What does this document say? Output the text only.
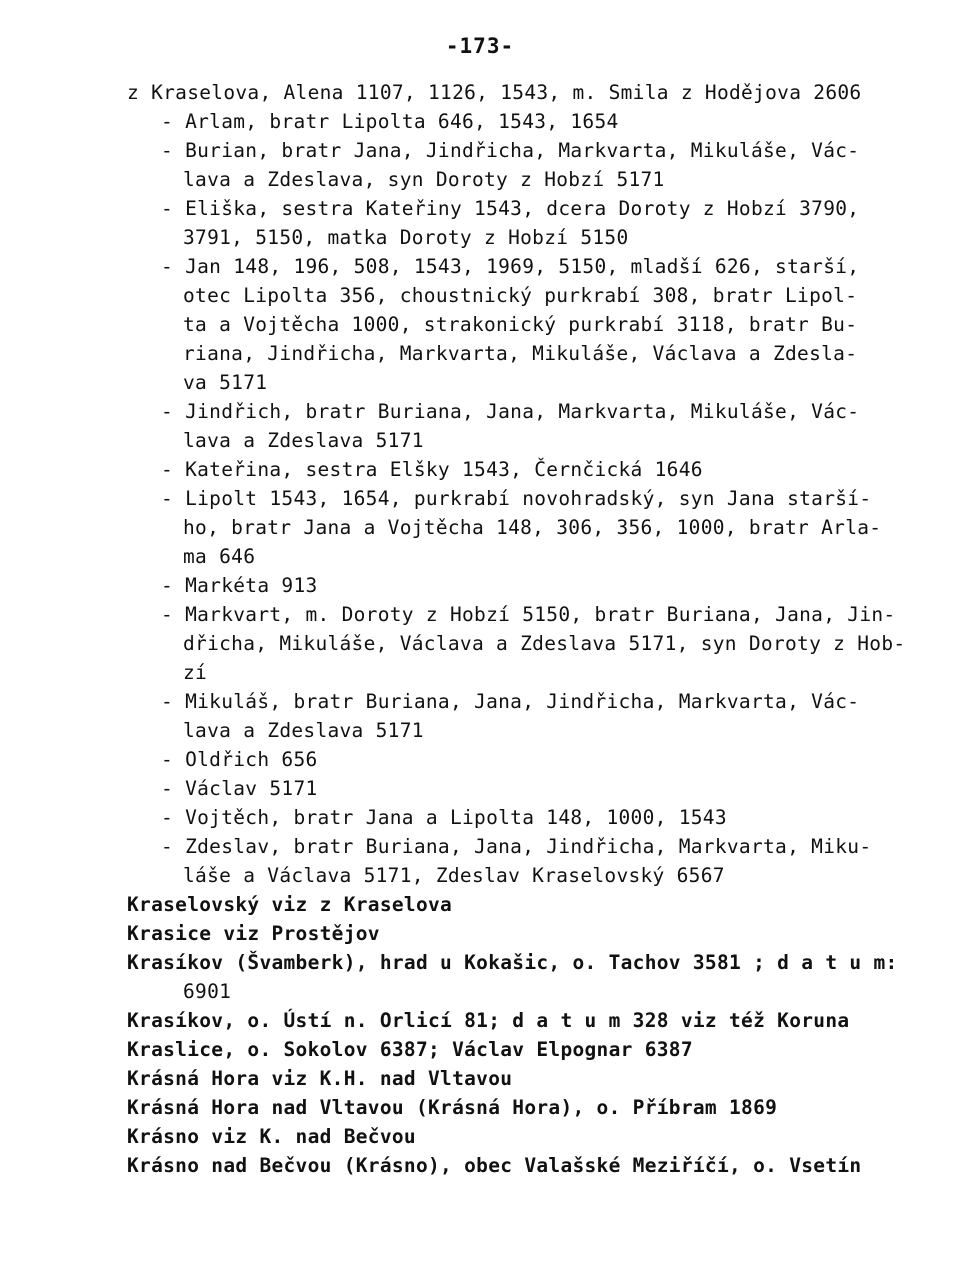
-173-
z Kraselova, Alena 1107, 1126, 1543, m. Smila z Hodějova 2606
- Arlam, bratr Lipolta 646, 1543, 1654
- Burian, bratr Jana, Jindřicha, Markvarta, Mikuláše, Vác-
lava a Zdeslava, syn Doroty z Hobzí 5171
- Eliška, sestra Kateřiny 1543, dcera Doroty z Hobzí 3790,
3791, 5150, matka Doroty z Hobzí 5150
- Jan 148, 196, 508, 1543, 1969, 5150, mladší 626, starší,
otec Lipolta 356, choustnický purkrabí 308, bratr Lipol-
ta a Vojtěcha 1000, strakonický purkrabí 3118, bratr Bu-
riana, Jindřicha, Markvarta, Mikuláše, Václava a Zdesla-
va 5171
- Jindřich, bratr Buriana, Jana, Markvarta, Mikuláše, Vác-
lava a Zdeslava 5171
- Kateřina, sestra Elšky 1543, Černčická 1646
- Lipolt 1543, 1654, purkrabí novohradský, syn Jana starší-
ho, bratr Jana a Vojtěcha 148, 306, 356, 1000, bratr Arla-
ma 646
- Markéta 913
- Markvart, m. Doroty z Hobzí 5150, bratr Buriana, Jana, Jin-
dřicha, Mikuláše, Václava a Zdeslava 5171, syn Doroty z Hob-
zí
- Mikuláš, bratr Buriana, Jana, Jindřicha, Markvarta, Vác-
lava a Zdeslava 5171
- Oldřich 656
- Václav 5171
- Vojtěch, bratr Jana a Lipolta 148, 1000, 1543
- Zdeslav, bratr Buriana, Jana, Jindřicha, Markvarta, Miku-
láše a Václava 5171, Zdeslav Kraselovský 6567
Kraselovský viz z Kraselova
Krasice viz Prostějov
Krasíkov (Švamberk), hrad u Kokašic, o. Tachov 3581 ; d a t u m:
6901
Krasíkov, o. Ústí n. Orlicí 81; d a t u m 328 viz též Koruna
Kraslice, o. Sokolov 6387; Václav Elpognar 6387
Krásná Hora viz K.H. nad Vltavou
Krásná Hora nad Vltavou (Krásná Hora), o. Příbram 1869
Krásno viz K. nad Bečvou
Krásno nad Bečvou (Krásno), obec Valašské Meziříčí, o. Vsetín
